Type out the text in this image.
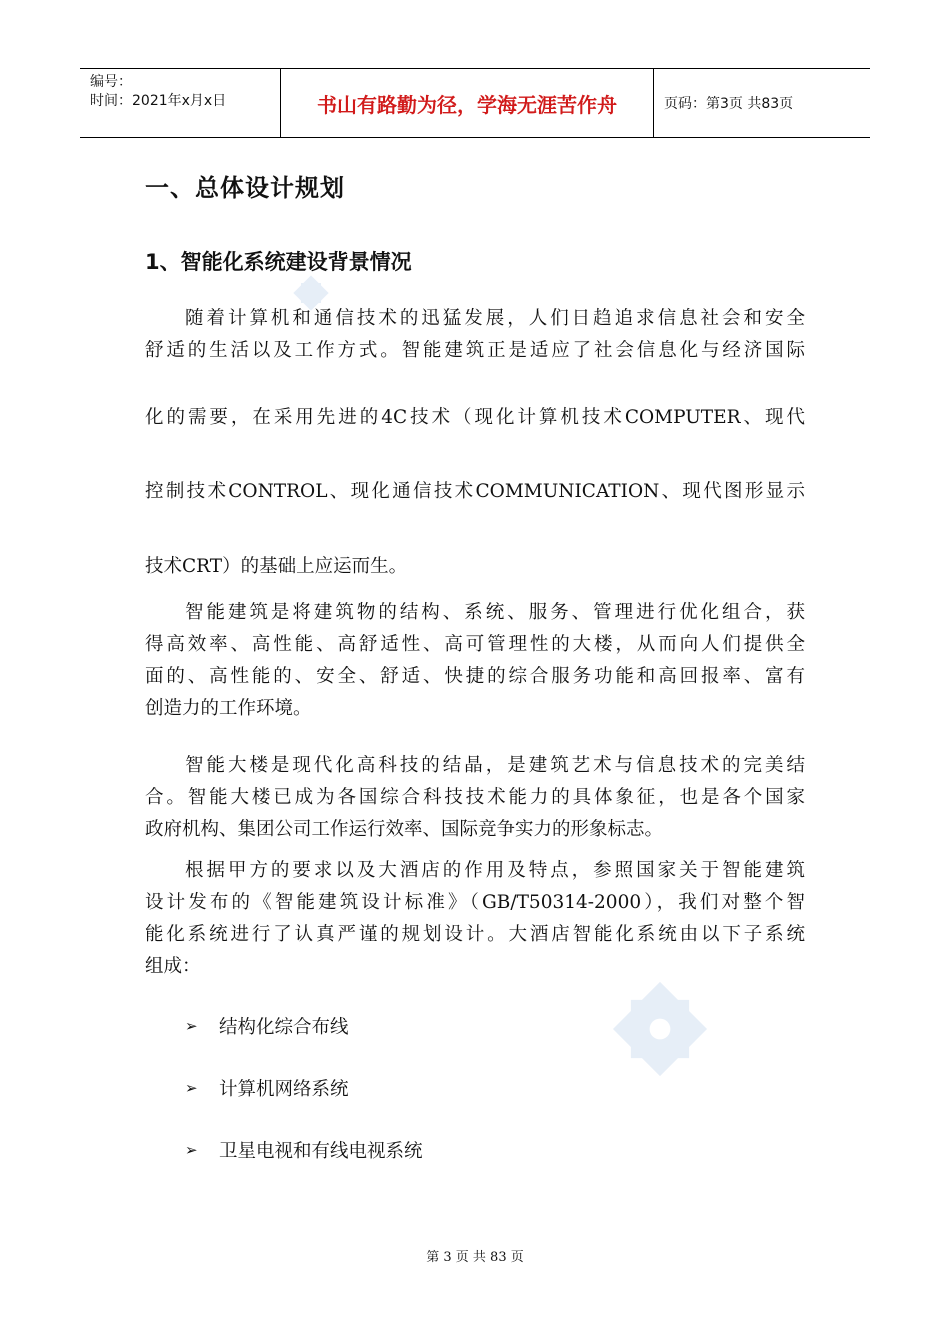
编号：
时间：2021年x月x日	书山有路勤为径，学海无涯苦作舟	页码：第3页 共83页
一、总体设计规划
1、智能化系统建设背景情况
随着计算机和通信技术的迅猛发展，人们日趋追求信息社会和安全
舒适的生活以及工作方式。智能建筑正是适应了社会信息化与经济国际
化的需要，在采用先进的4C技术（现化计算机技术COMPUTER、现代
控制技术CONTROL、现化通信技术COMMUNICATION、现代图形显示
技术CRT）的基础上应运而生。
智能建筑是将建筑物的结构、系统、服务、管理进行优化组合，获
得高效率、高性能、高舒适性、高可管理性的大楼，从而向人们提供全
面的、高性能的、安全、舒适、快捷的综合服务功能和高回报率、富有
创造力的工作环境。
智能大楼是现代化高科技的结晶，是建筑艺术与信息技术的完美结
合。智能大楼已成为各国综合科技技术能力的具体象征，也是各个国家
政府机构、集团公司工作运行效率、国际竞争实力的形象标志。
根据甲方的要求以及大酒店的作用及特点，参照国家关于智能建筑
设计发布的《智能建筑设计标准》（GB/T50314-2000），我们对整个智
能化系统进行了认真严谨的规划设计。大酒店智能化系统由以下子系统
组成：
➢	结构化综合布线
➢	计算机网络系统
➢	卫星电视和有线电视系统
第 3 页 共 83 页
